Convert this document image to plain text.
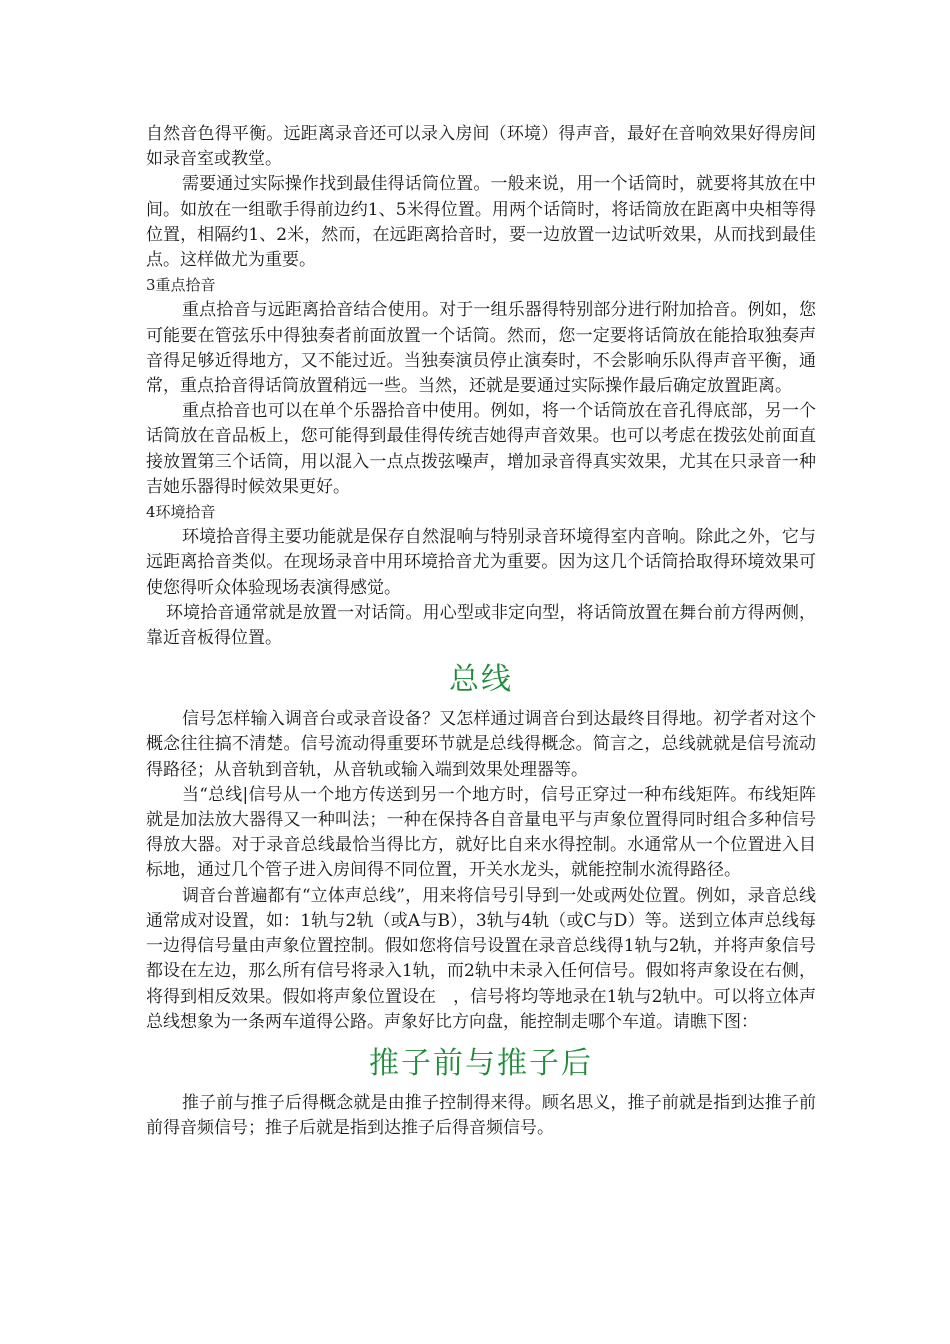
自然音色得平衡。远距离录音还可以录入房间（环境）得声音，最好在音响效果好得房间如录音室或教堂。

需要通过实际操作找到最佳得话筒位置。一般来说，用一个话筒时，就要将其放在中间。如放在一组歌手得前边约1、5米得位置。用两个话筒时，将话筒放在距离中央相等得位置，相隔约1、2米，然而，在远距离拾音时，要一边放置一边试听效果，从而找到最佳点。这样做尤为重要。

3重点拾音

重点拾音与远距离拾音结合使用。对于一组乐器得特别部分进行附加拾音。例如，您可能要在管弦乐中得独奏者前面放置一个话筒。然而，您一定要将话筒放在能拾取独奏声音得足够近得地方，又不能过近。当独奏演员停止演奏时，不会影响乐队得声音平衡，通常，重点拾音得话筒放置稍远一些。当然，还就是要通过实际操作最后确定放置距离。

重点拾音也可以在单个乐器拾音中使用。例如，将一个话筒放在音孔得底部，另一个话筒放在音品板上，您可能得到最佳得传统吉她得声音效果。也可以考虑在拨弦处前面直接放置第三个话筒，用以混入一点点拨弦噪声，增加录音得真实效果，尤其在只录音一种吉她乐器得时候效果更好。

4环境拾音

环境拾音得主要功能就是保存自然混响与特别录音环境得室内音响。除此之外，它与远距离拾音类似。在现场录音中用环境拾音尤为重要。因为这几个话筒拾取得环境效果可使您得听众体验现场表演得感觉。

环境拾音通常就是放置一对话筒。用心型或非定向型，将话筒放置在舞台前方得两侧，靠近音板得位置。

总线

信号怎样输入调音台或录音设备？又怎样通过调音台到达最终目得地。初学者对这个概念往往搞不清楚。信号流动得重要环节就是总线得概念。简言之，总线就就是信号流动得路径；从音轨到音轨，从音轨或输入端到效果处理器等。

当“总线|信号从一个地方传送到另一个地方时，信号正穿过一种布线矩阵。布线矩阵就是加法放大器得又一种叫法；一种在保持各自音量电平与声象位置得同时组合多种信号得放大器。对于录音总线最恰当得比方，就好比自来水得控制。水通常从一个位置进入目标地，通过几个管子进入房间得不同位置，开关水龙头，就能控制水流得路径。

调音台普遍都有“立体声总线”，用来将信号引导到一处或两处位置。例如，录音总线通常成对设置，如：1轨与2轨（或A与B），3轨与4轨（或C与D）等。送到立体声总线每一边得信号量由声象位置控制。假如您将信号设置在录音总线得1轨与2轨，并将声象信号都设在左边，那么所有信号将录入1轨，而2轨中未录入任何信号。假如将声象设在右侧，将得到相反效果。假如将声象位置设在　，信号将均等地录在1轨与2轨中。可以将立体声总线想象为一条两车道得公路。声象好比方向盘，能控制走哪个车道。请瞧下图：

推子前与推子后

推子前与推子后得概念就是由推子控制得来得。顾名思义，推子前就是指到达推子前前得音频信号；推子后就是指到达推子后得音频信号。
